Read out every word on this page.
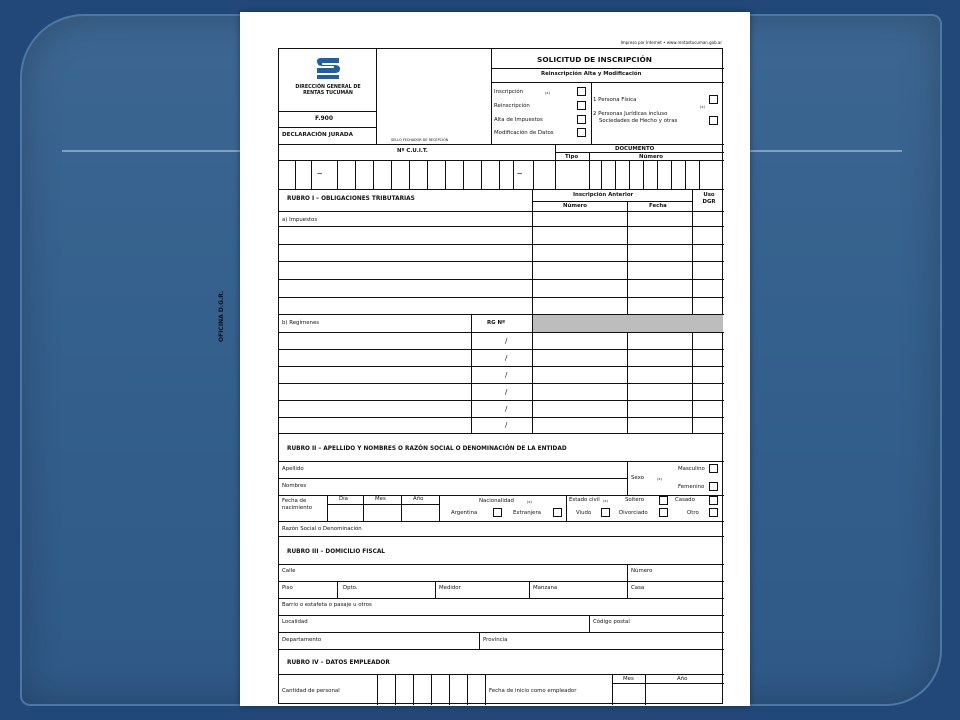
Impreso por Internet • www.rentastucuman.gob.ar
OFICINA D.G.R.
DIRECCIÓN GENERAL DE RENTAS TUCUMÁN
F.900
DECLARACIÓN JURADA
SELLO FECHADOR DE RECEPCIÓN
SOLICITUD DE INSCRIPCIÓN
Reinscripción Alta y Modificación
Inscripción	(x)
Reinscripción
Alta de Impuestos
Modificación de Datos
1 Persona Física
(x)
2 Personas Jurídicas incluso
Sociedades de Hecho y otras
Nº C.U.I.T.	DOCUMENTO
Tipo	Número
—	—
RUBRO I – OBLIGACIONES TRIBUTARIAS
Inscripción Anterior	Uso DGR
Número	Fecha
a) Impuestos
b) Regímenes	RG Nº
/
/
/
/
/
/
RUBRO II – APELLIDO Y NOMBRES O RAZÓN SOCIAL O DENOMINACIÓN DE LA ENTIDAD
Apellido
Nombres
Sexo	(x)
Masculino
Femenino
Fecha de nacimiento
Día	Mes	Año	Nacionalidad	(x)
Argentina	Extranjera
Estado civil (x)	Soltero	Casado
Viudo	Divorciado	Otro
Razón Social o Denominación
RUBRO III – DOMICILIO FISCAL
Calle	Número
Piso	Dpto.	Medidor	Manzana	Casa
Barrio o estafeta o pasaje u otros
Localidad	Código postal
Departamento	Provincia
RUBRO IV – DATOS EMPLEADOR
Cantidad de personal	Fecha de inicio como empleador
Mes	Año
